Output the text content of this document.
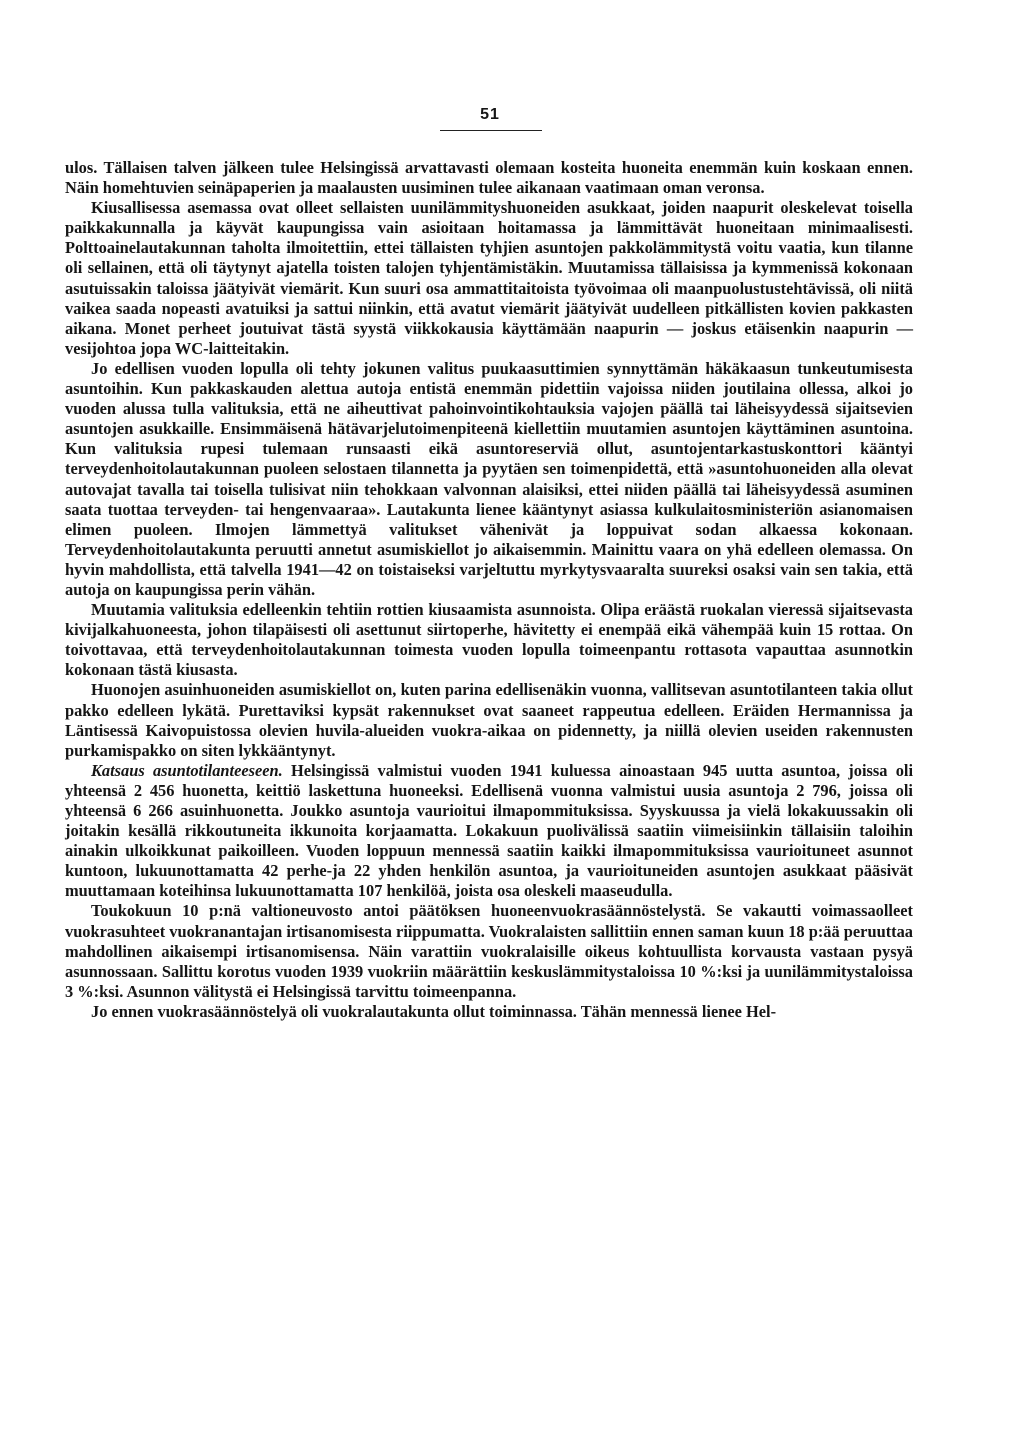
51

ulos. Tällaisen talven jälkeen tulee Helsingissä arvattavasti olemaan kosteita huoneita enemmän kuin koskaan ennen. Näin homehtuvien seinäpaperien ja maalausten uusiminen tulee aikanaan vaatimaan oman veronsa.

Kiusallisessa asemassa ovat olleet sellaisten uunilämmityshuoneiden asukkaat, joiden naapurit oleskelevat toisella paikkakunnalla ja käyvät kaupungissa vain asioitaan hoitamassa ja lämmittävät huoneitaan minimaalisesti. Polttoainelautakunnan taholta ilmoitettiin, ettei tällaisten tyhjien asuntojen pakkolämmitystä voitu vaatia, kun tilanne oli sellainen, että oli täytynyt ajatella toisten talojen tyhjentämistäkin. Muutamissa tällaisissa ja kymmenissä kokonaan asutuissakin taloissa jäätyivät viemärit. Kun suuri osa ammattitaitoista työvoimaa oli maanpuolustustehtävissä, oli niitä vaikea saada nopeasti avatuiksi ja sattui niinkin, että avatut viemärit jäätyivät uudelleen pitkällisten kovien pakkasten aikana. Monet perheet joutuivat tästä syystä viikkokausia käyttämään naapurin — joskus etäisenkin naapurin — vesijohtoa jopa WC-laitteitakin.

Jo edellisen vuoden lopulla oli tehty jokunen valitus puukaasuttimien synnyttämän häkäkaasun tunkeutumisesta asuntoihin. Kun pakkaskauden alettua autoja entistä enemmän pidettiin vajoissa niiden joutilaina ollessa, alkoi jo vuoden alussa tulla valituksia, että ne aiheuttivat pahoinvointikohtauksia vajojen päällä tai läheisyydessä sijaitsevien asuntojen asukkaille. Ensimmäisenä hätävarjelutoimenpiteenä kiellettiin muutamien asuntojen käyttäminen asuntoina. Kun valituksia rupesi tulemaan runsaasti eikä asuntoreserviä ollut, asuntojentarkastuskonttori kääntyi terveydenhoitolautakunnan puoleen selostaen tilannetta ja pyytäen sen toimenpidettä, että »asuntohuoneiden alla olevat autovajat tavalla tai toisella tulisivat niin tehokkaan valvonnan alaisiksi, ettei niiden päällä tai läheisyydessä asuminen saata tuottaa terveyden- tai hengenvaaraa». Lautakunta lienee kääntynyt asiassa kulkulaitosministeriön asianomaisen elimen puoleen. Ilmojen lämmettyä valitukset vähenivät ja loppuivat sodan alkaessa kokonaan. Terveydenhoitolautakunta peruutti annetut asumiskiellot jo aikaisemmin. Mainittu vaara on yhä edelleen olemassa. On hyvin mahdollista, että talvella 1941—42 on toistaiseksi varjeltuttu myrkytysvaaralta suureksi osaksi vain sen takia, että autoja on kaupungissa perin vähän.

Muutamia valituksia edelleenkin tehtiin rottien kiusaamista asunnoista. Olipa eräästä ruokalan vieressä sijaitsevasta kivijalkahuoneesta, johon tilapäisesti oli asettunut siirtoperhe, hävitetty ei enempää eikä vähempää kuin 15 rottaa. On toivottavaa, että terveydenhoitolautakunnan toimesta vuoden lopulla toimeenpantu rottasota vapauttaa asunnotkin kokonaan tästä kiusasta.

Huonojen asuinhuoneiden asumiskiellot on, kuten parina edellisenäkin vuonna, vallitsevan asuntotilanteen takia ollut pakko edelleen lykätä. Purettaviksi kypsät rakennukset ovat saaneet rappeutua edelleen. Eräiden Hermannissa ja Läntisessä Kaivopuistossa olevien huvila-alueiden vuokra-aikaa on pidennetty, ja niillä olevien useiden rakennusten purkamispakko on siten lykkääntynyt.

Katsaus asuntotilanteeseen. Helsingissä valmistui vuoden 1941 kuluessa ainoastaan 945 uutta asuntoa, joissa oli yhteensä 2 456 huonetta, keittiö laskettuna huoneeksi. Edellisenä vuonna valmistui uusia asuntoja 2 796, joissa oli yhteensä 6 266 asuinhuonetta. Joukko asuntoja vaurioitui ilmapommituksissa. Syyskuussa ja vielä lokakuussakin oli joitakin kesällä rikkoutuneita ikkunoita korjaamatta. Lokakuun puolivälissä saatiin viimeisiinkin tällaisiin taloihin ainakin ulkoikkunat paikoilleen. Vuoden loppuun mennessä saatiin kaikki ilmapommituksissa vaurioituneet asunnot kuntoon, lukuunottamatta 42 perhe-ja 22 yhden henkilön asuntoa, ja vaurioituneiden asuntojen asukkaat pääsivät muuttamaan koteihinsa lukuunottamatta 107 henkilöä, joista osa oleskeli maaseudulla.

Toukokuun 10 p:nä valtioneuvosto antoi päätöksen huoneenvuokrasäännöstelystä. Se vakautti voimassaolleet vuokrasuhteet vuokranantajan irtisanomisesta riippumatta. Vuokralaisten sallittiin ennen saman kuun 18 p:ää peruuttaa mahdollinen aikaisempi irtisanomisensa. Näin varattiin vuokralaisille oikeus kohtuullista korvausta vastaan pysyä asunnossaan. Sallittu korotus vuoden 1939 vuokriin määrättiin keskuslämmitystaloissa 10 %:ksi ja uunilämmitystaloissa 3 %:ksi. Asunnon välitystä ei Helsingissä tarvittu toimeenpanna.

Jo ennen vuokrasäännöstelyä oli vuokralautakunta ollut toiminnassa. Tähän mennessä lienee Hel-
